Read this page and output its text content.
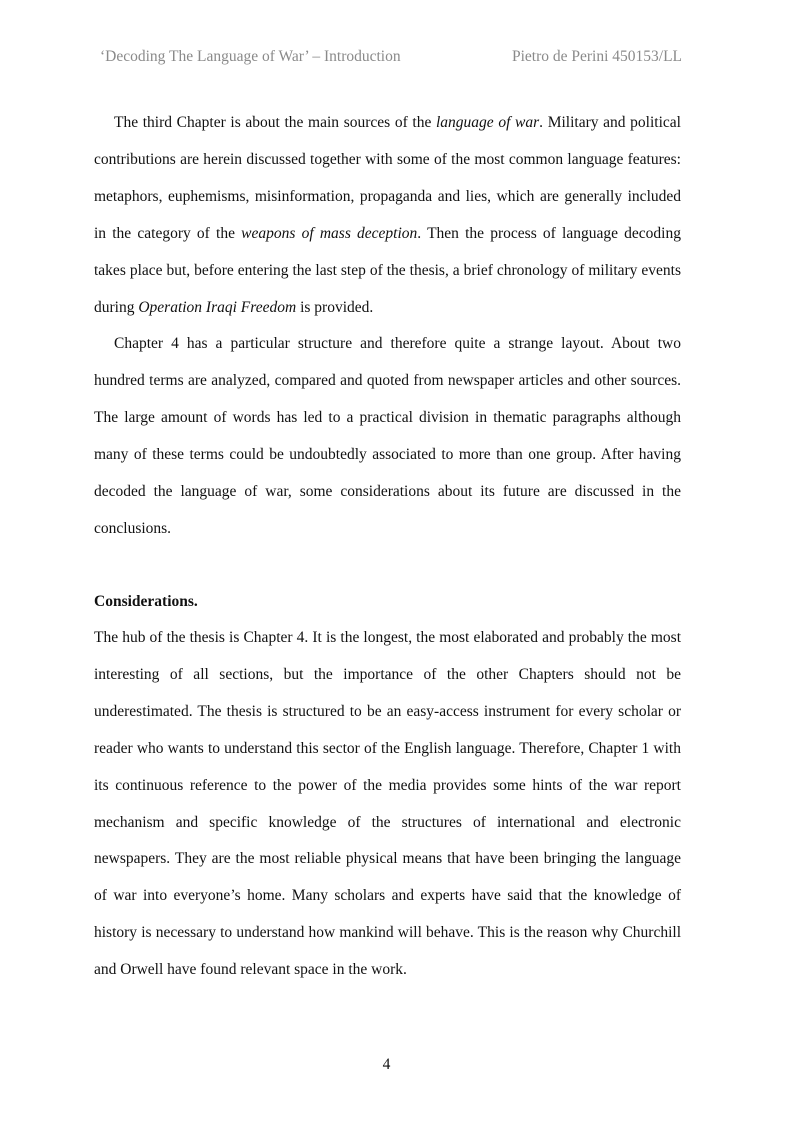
‘Decoding The Language of War’ – Introduction	Pietro de Perini 450153/LL

The third Chapter is about the main sources of the language of war. Military and political contributions are herein discussed together with some of the most common language features: metaphors, euphemisms, misinformation, propaganda and lies, which are generally included in the category of the weapons of mass deception. Then the process of language decoding takes place but, before entering the last step of the thesis, a brief chronology of military events during Operation Iraqi Freedom is provided.

Chapter 4 has a particular structure and therefore quite a strange layout. About two hundred terms are analyzed, compared and quoted from newspaper articles and other sources. The large amount of words has led to a practical division in thematic paragraphs although many of these terms could be undoubtedly associated to more than one group. After having decoded the language of war, some considerations about its future are discussed in the conclusions.

Considerations.

The hub of the thesis is Chapter 4. It is the longest, the most elaborated and probably the most interesting of all sections, but the importance of the other Chapters should not be underestimated. The thesis is structured to be an easy-access instrument for every scholar or reader who wants to understand this sector of the English language. Therefore, Chapter 1 with its continuous reference to the power of the media provides some hints of the war report mechanism and specific knowledge of the structures of international and electronic newspapers. They are the most reliable physical means that have been bringing the language of war into everyone’s home. Many scholars and experts have said that the knowledge of history is necessary to understand how mankind will behave. This is the reason why Churchill and Orwell have found relevant space in the work.

4
